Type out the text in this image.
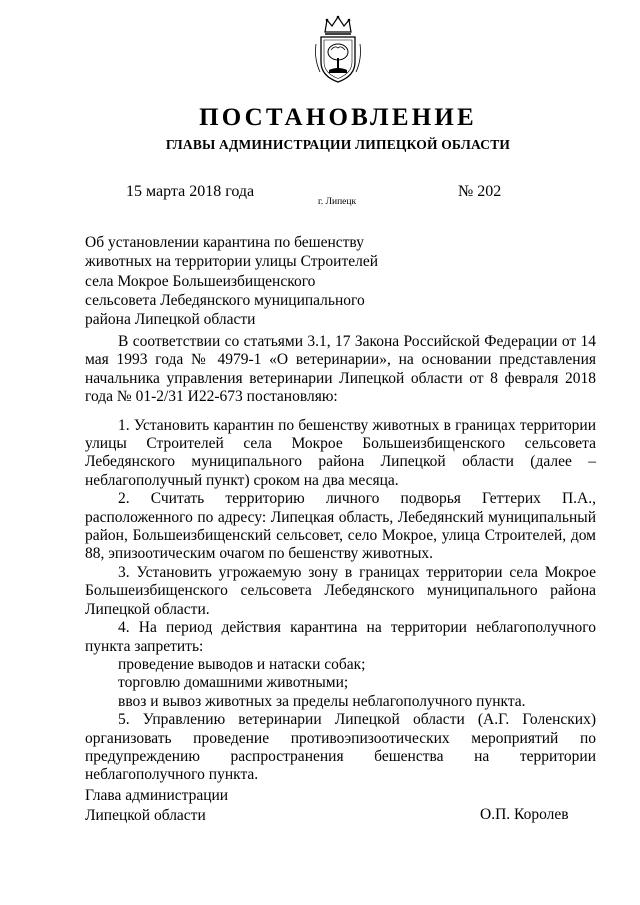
ПОСТАНОВЛЕНИЕ
ГЛАВЫ АДМИНИСТРАЦИИ ЛИПЕЦКОЙ ОБЛАСТИ
15 марта 2018 года
г. Липецк
№ 202
Об установлении карантина по бешенству
животных на территории улицы Строителей
села Мокрое Большеизбищенского
сельсовета Лебедянского муниципального
района Липецкой области

В соответствии со статьями 3.1, 17 Закона Российской Федерации от 14 мая 1993 года № 4979-1 «О ветеринарии», на основании представления начальника управления ветеринарии Липецкой области от 8 февраля 2018 года № 01-2/31 И22-673 постановляю:

1. Установить карантин по бешенству животных в границах территории улицы Строителей села Мокрое Большеизбищенского сельсовета Лебедянского муниципального района Липецкой области (далее – неблагополучный пункт) сроком на два месяца.

2. Считать территорию личного подворья Геттерих П.А., расположенного по адресу: Липецкая область, Лебедянский муниципальный район, Большеизбищенский сельсовет, село Мокрое, улица Строителей, дом 88, эпизоотическим очагом по бешенству животных.

3. Установить угрожаемую зону в границах территории села Мокрое Большеизбищенского сельсовета Лебедянского муниципального района Липецкой области.

4. На период действия карантина на территории неблагополучного пункта запретить:

проведение выводов и натаски собак;

торговлю домашними животными;

ввоз и вывоз животных за пределы неблагополучного пункта.

5. Управлению ветеринарии Липецкой области (А.Г. Голенских) организовать проведение противоэпизоотических мероприятий по предупреждению распространения бешенства на территории неблагополучного пункта.

Глава администрации
Липецкой области	О.П. Королев
